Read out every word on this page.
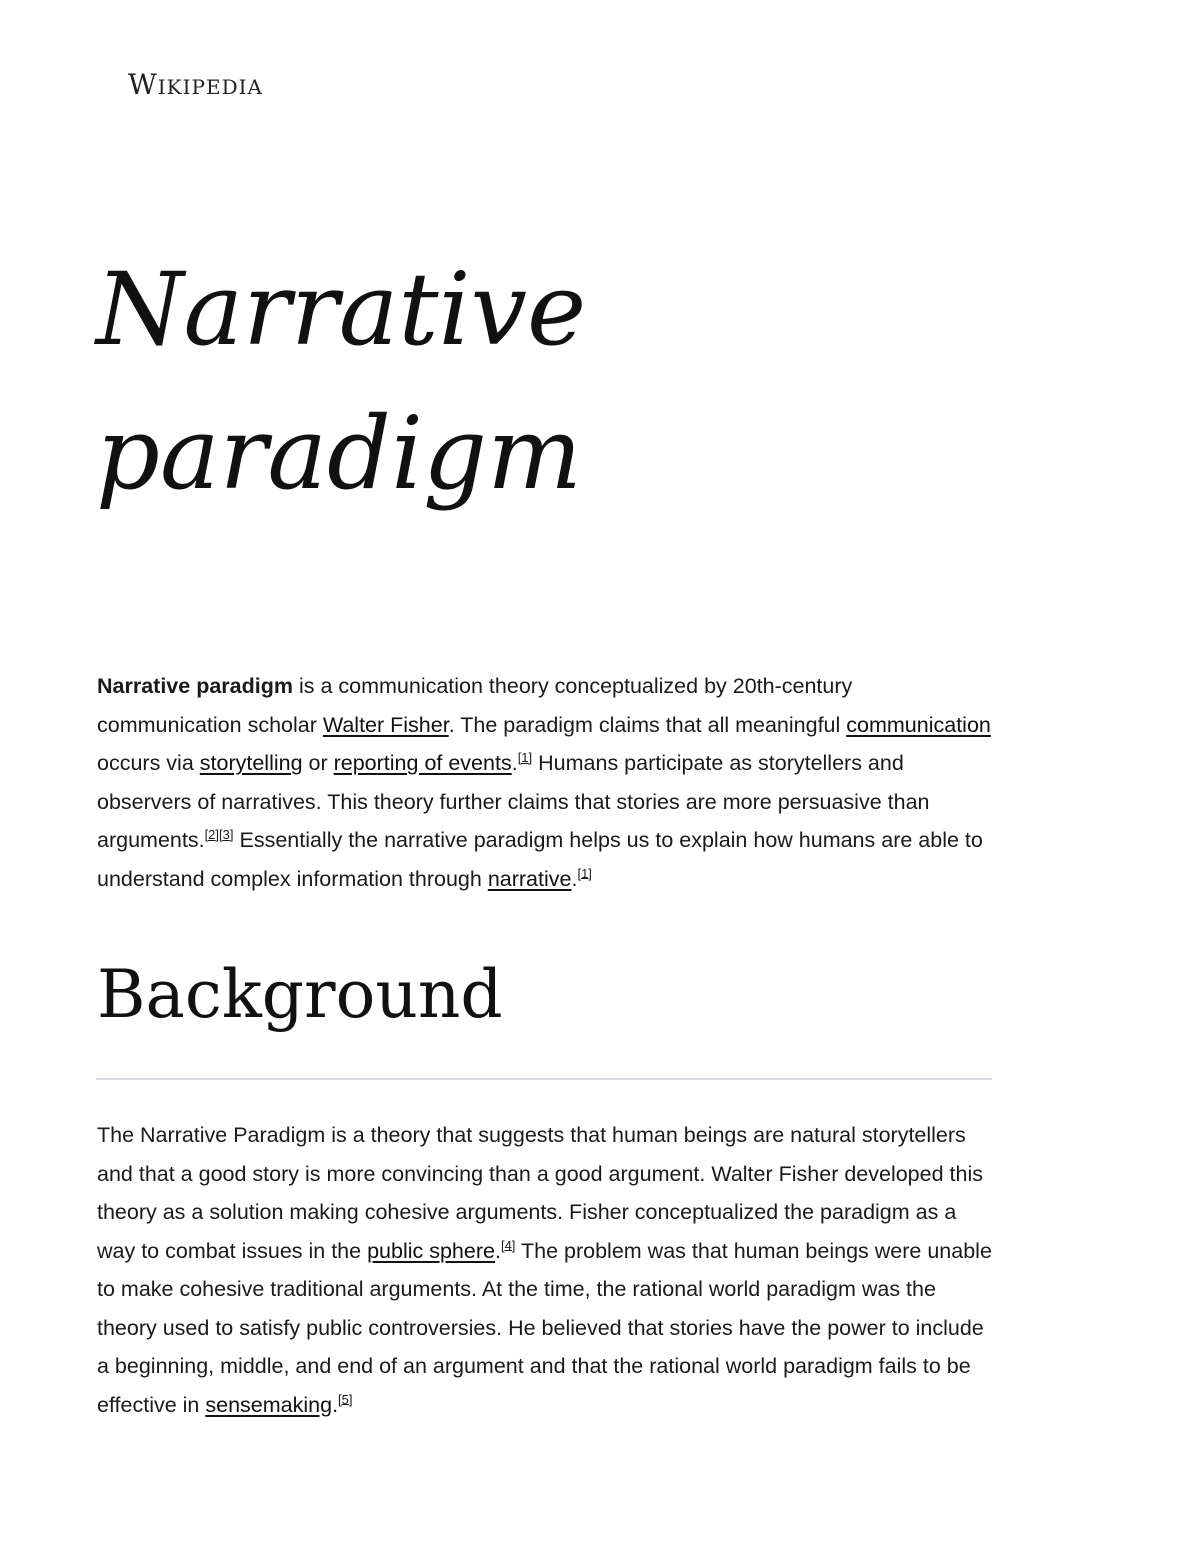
Wikipedia
Narrative
paradigm

Narrative paradigm is a communication theory conceptualized by 20th-century communication scholar Walter Fisher. The paradigm claims that all meaningful communication occurs via storytelling or reporting of events.[1] Humans participate as storytellers and observers of narratives. This theory further claims that stories are more persuasive than arguments.[2][3] Essentially the narrative paradigm helps us to explain how humans are able to understand complex information through narrative.[1]

Background

The Narrative Paradigm is a theory that suggests that human beings are natural storytellers and that a good story is more convincing than a good argument. Walter Fisher developed this theory as a solution making cohesive arguments. Fisher conceptualized the paradigm as a way to combat issues in the public sphere.[4] The problem was that human beings were unable to make cohesive traditional arguments. At the time, the rational world paradigm was the theory used to satisfy public controversies. He believed that stories have the power to include a beginning, middle, and end of an argument and that the rational world paradigm fails to be effective in sensemaking.[5]
